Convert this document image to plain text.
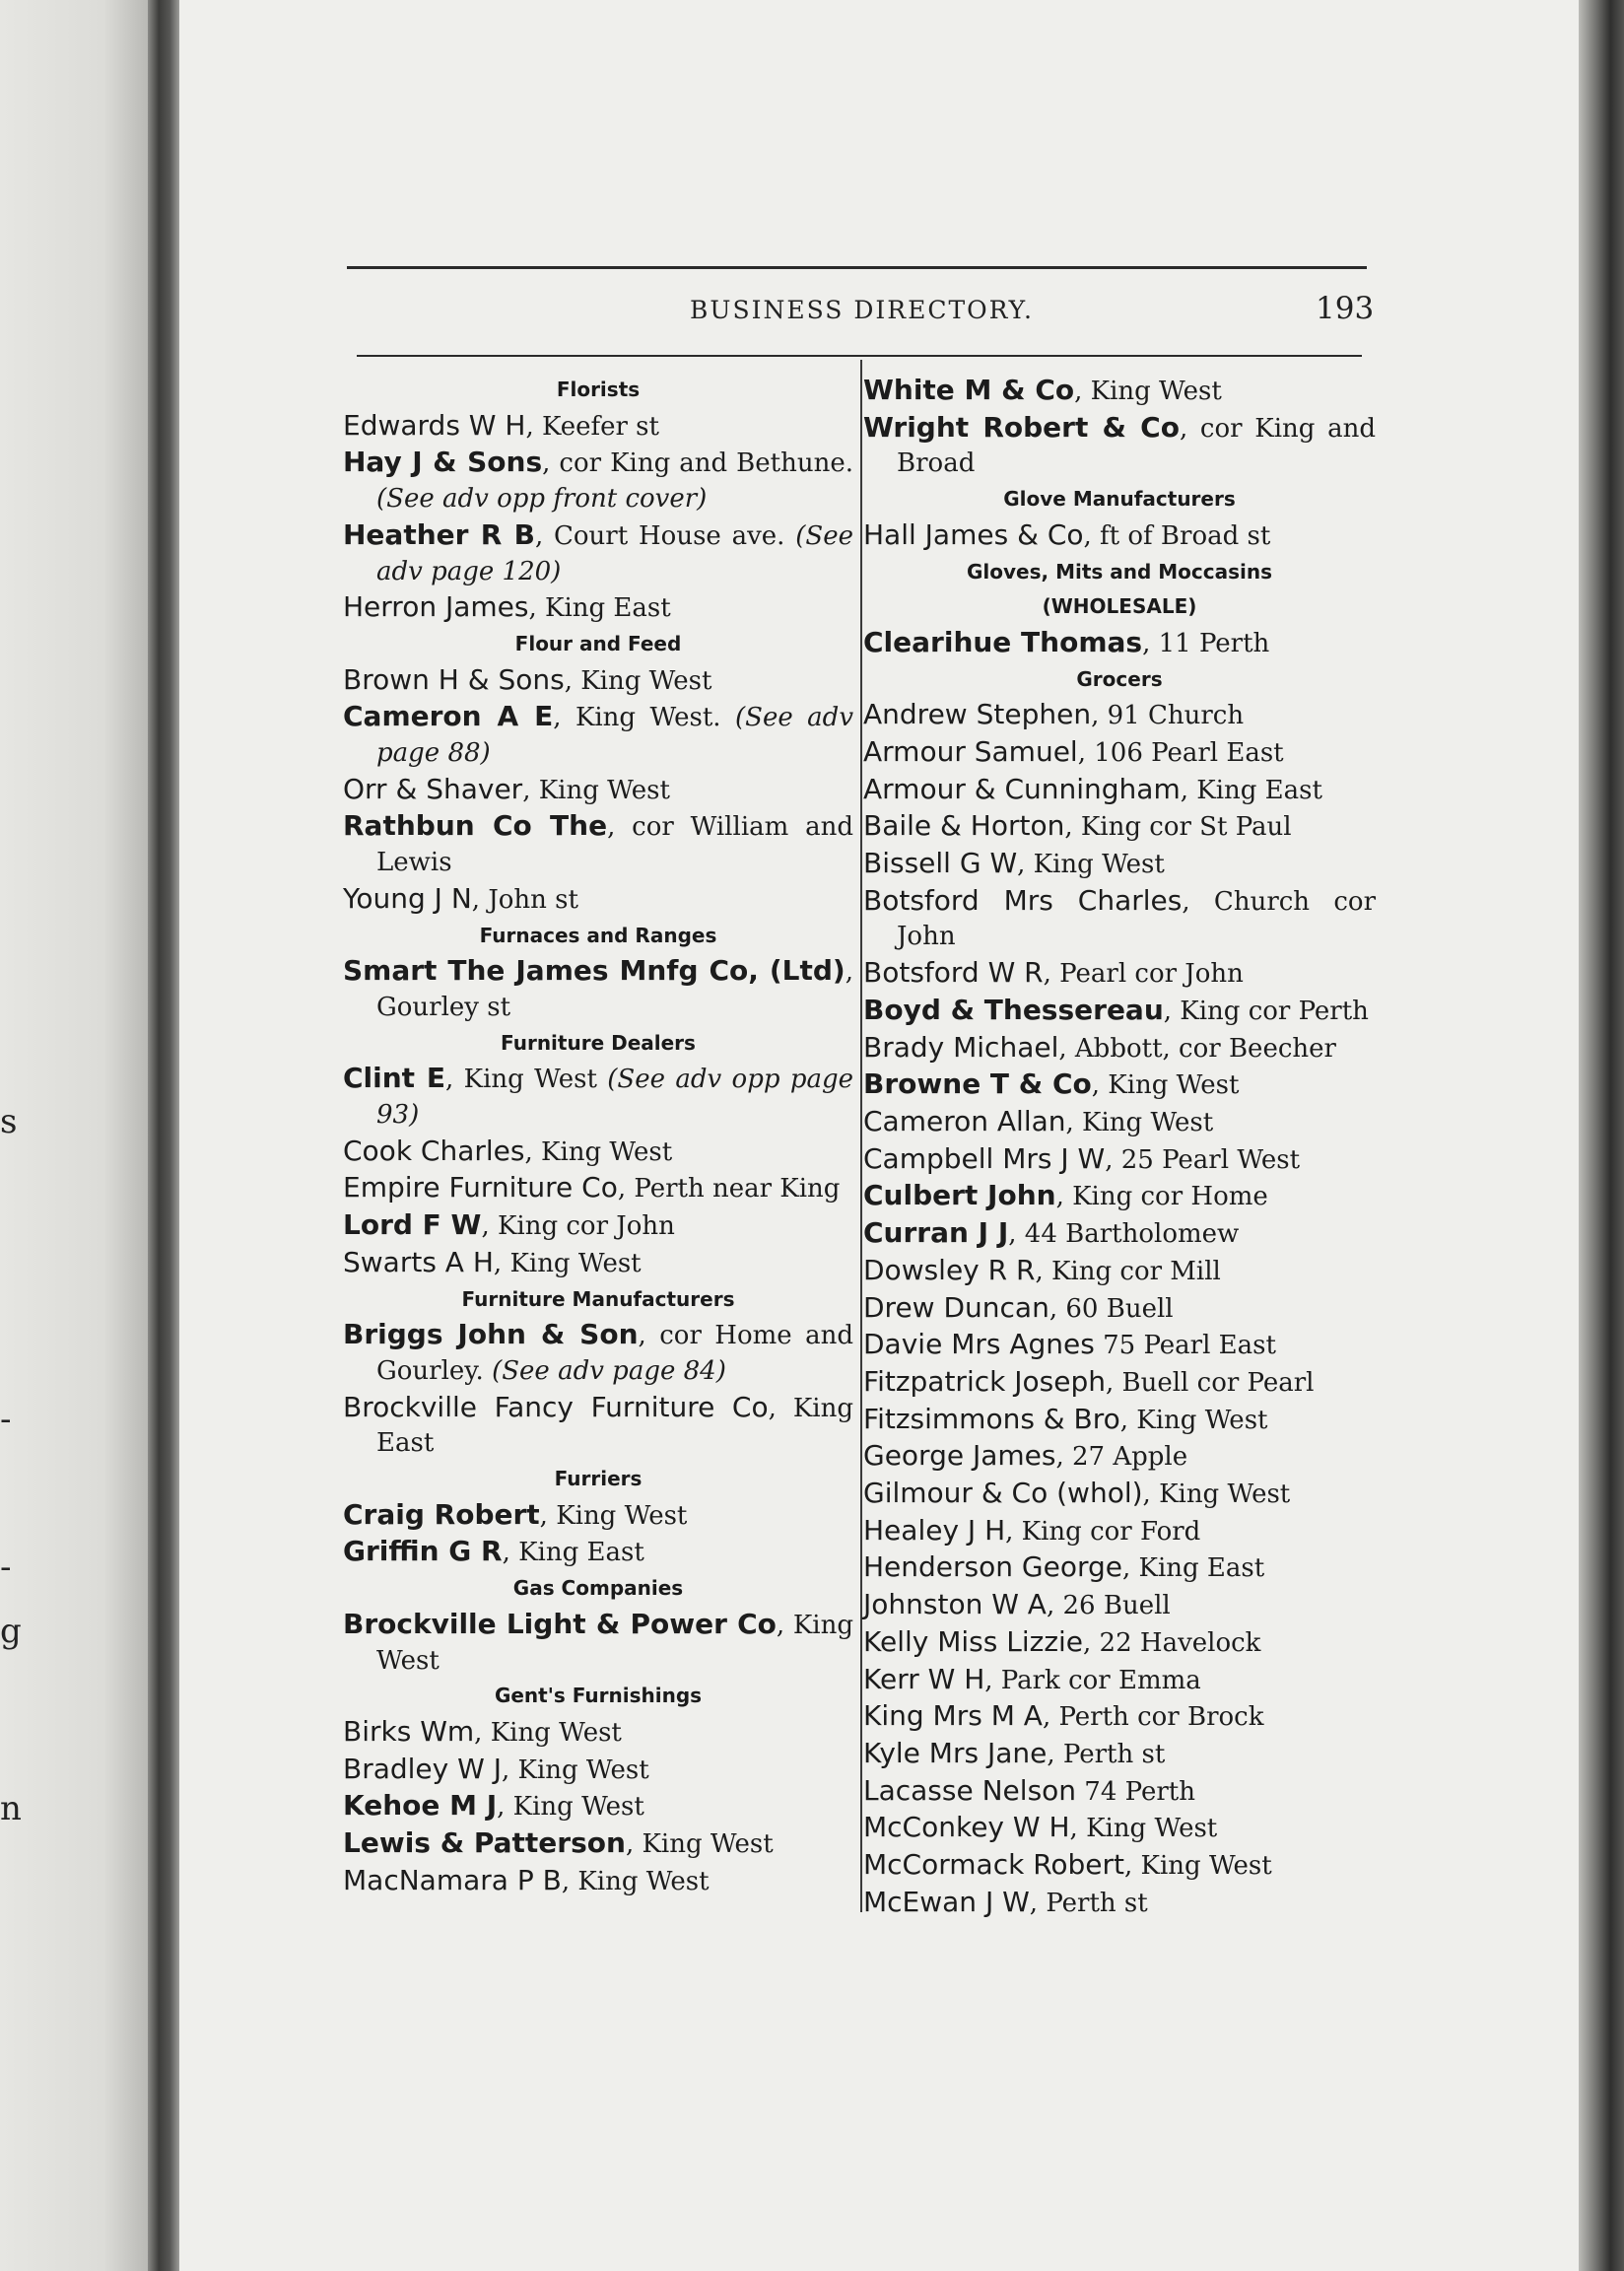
s
-
-
g
n
BUSINESS DIRECTORY.	193
Florists
Edwards W H, Keefer st
Hay J & Sons, cor King and Bethune. (See adv opp front cover)
Heather R B, Court House ave. (See adv page 120)
Herron James, King East
Flour and Feed
Brown H & Sons, King West
Cameron A E, King West. (See adv page 88)
Orr & Shaver, King West
Rathbun Co The, cor William and Lewis
Young J N, John st
Furnaces and Ranges
Smart The James Mnfg Co, (Ltd), Gourley st
Furniture Dealers
Clint E, King West (See adv opp page 93)
Cook Charles, King West
Empire Furniture Co, Perth near King
Lord F W, King cor John
Swarts A H, King West
Furniture Manufacturers
Briggs John & Son, cor Home and Gourley. (See adv page 84)
Brockville Fancy Furniture Co, King East
Furriers
Craig Robert, King West
Griffin G R, King East
Gas Companies
Brockville Light & Power Co, King West
Gent's Furnishings
Birks Wm, King West
Bradley W J, King West
Kehoe M J, King West
Lewis & Patterson, King West
MacNamara P B, King West
White M & Co, King West
Wright Robert & Co, cor King and Broad
Glove Manufacturers
Hall James & Co, ft of Broad st
Gloves, Mits and Moccasins
(WHOLESALE)
Clearihue Thomas, 11 Perth
Grocers
Andrew Stephen, 91 Church
Armour Samuel, 106 Pearl East
Armour & Cunningham, King East
Baile & Horton, King cor St Paul
Bissell G W, King West
Botsford Mrs Charles, Church cor John
Botsford W R, Pearl cor John
Boyd & Thessereau, King cor Perth
Brady Michael, Abbott, cor Beecher
Browne T & Co, King West
Cameron Allan, King West
Campbell Mrs J W, 25 Pearl West
Culbert John, King cor Home
Curran J J, 44 Bartholomew
Dowsley R R, King cor Mill
Drew Duncan, 60 Buell
Davie Mrs Agnes 75 Pearl East
Fitzpatrick Joseph, Buell cor Pearl
Fitzsimmons & Bro, King West
George James, 27 Apple
Gilmour & Co (whol), King West
Healey J H, King cor Ford
Henderson George, King East
Johnston W A, 26 Buell
Kelly Miss Lizzie, 22 Havelock
Kerr W H, Park cor Emma
King Mrs M A, Perth cor Brock
Kyle Mrs Jane, Perth st
Lacasse Nelson 74 Perth
McConkey W H, King West
McCormack Robert, King West
McEwan J W, Perth st
